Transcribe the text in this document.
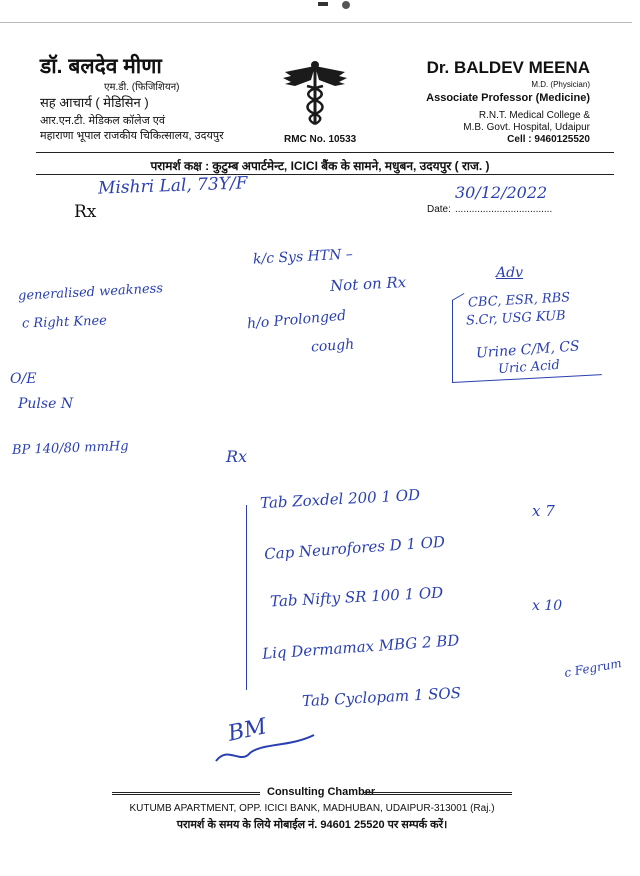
डॉ. बलदेव मीणा
एम.डी. (फिजिशियन)
सह आचार्य ( मेडिसिन )
आर.एन.टी. मेडिकल कॉलेज एवं
महाराणा भूपाल राजकीय चिकित्सालय, उदयपुर	RMC No. 10533
Dr. BALDEV MEENA
M.D. (Physician)
Associate Professor (Medicine)
R.N.T. Medical College &
M.B. Govt. Hospital, Udaipur
Cell : 9460125520
परामर्श कक्ष : कुटुम्ब अपार्टमेन्ट, ICICI बैंक के सामने, मधुबन, उदयपुर ( राज. )
Rx	Date: ...................................
Mishri Lal, 73Y/F	30/12/2022
k/c Sys HTN –
Not on Rx
generalised weakness
c Right Knee	h/o Prolonged
cough
Adv
CBC, ESR, RBS
S.Cr, USG KUB
Urine C/M, CS
Uric Acid
O/E
Pulse N
BP 140/80 mmHg	Rx
Tab Zoxdel 200 1 OD	x 7
Cap Neurofores D 1 OD
Tab Nifty SR 100 1 OD	x 10
Liq Dermamax MBG 2 BD
c Fegrum
Tab Cyclopam 1 SOS
BM
Consulting Chamber
KUTUMB APARTMENT, OPP. ICICI BANK, MADHUBAN, UDAIPUR-313001 (Raj.)
परामर्श के समय के लिये मोबाईल नं. 94601 25520 पर सम्पर्क करें।
